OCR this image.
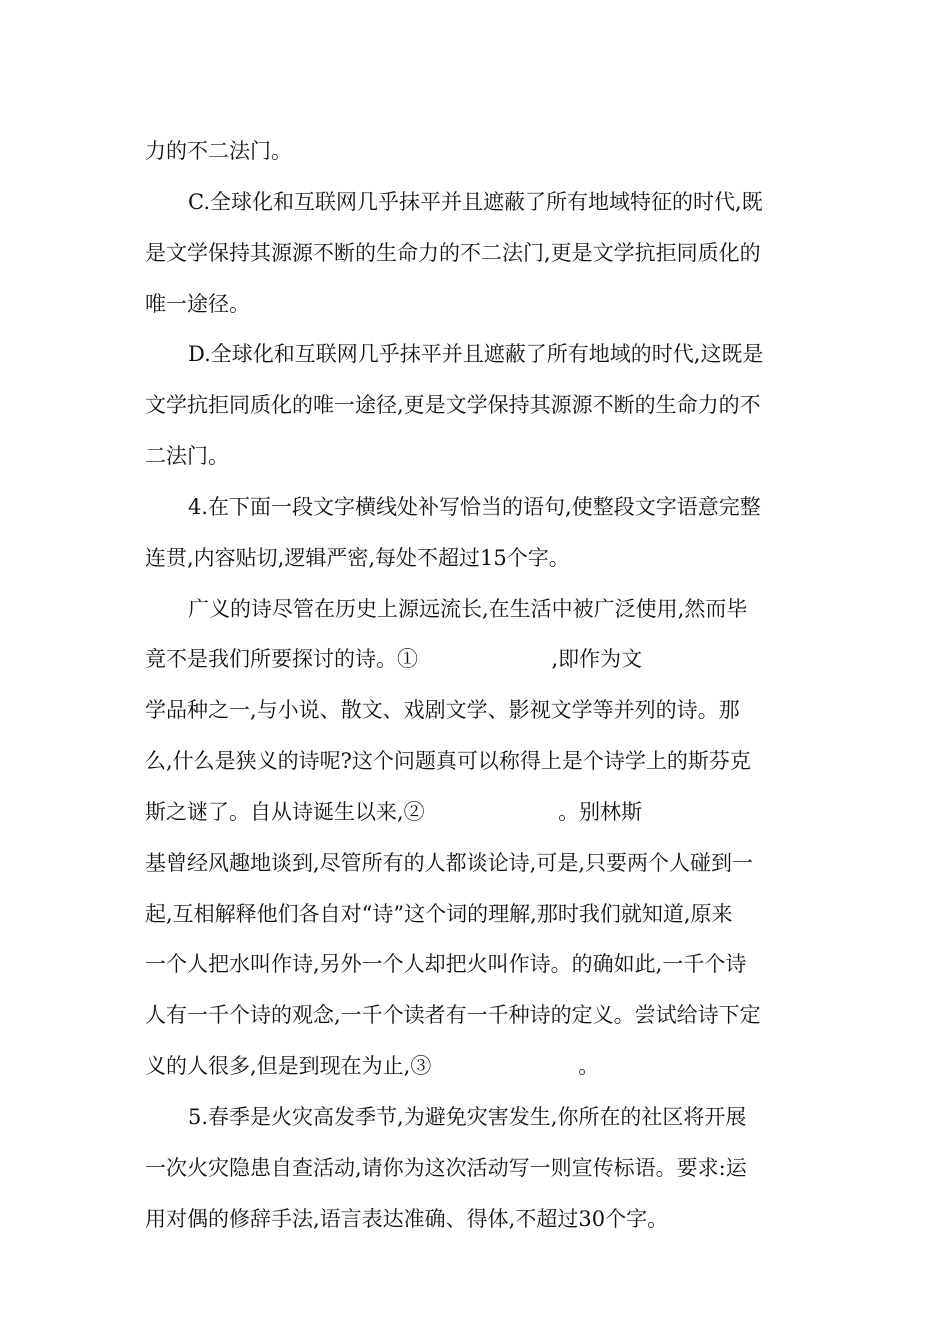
力的不二法门。
C.全球化和互联网几乎抹平并且遮蔽了所有地域特征的时代,既
是文学保持其源源不断的生命力的不二法门,更是文学抗拒同质化的
唯一途径。
D.全球化和互联网几乎抹平并且遮蔽了所有地域的时代,这既是
文学抗拒同质化的唯一途径,更是文学保持其源源不断的生命力的不
二法门。
4.在下面一段文字横线处补写恰当的语句,使整段文字语意完整
连贯,内容贴切,逻辑严密,每处不超过15个字。
广义的诗尽管在历史上源远流长,在生活中被广泛使用,然而毕
竟不是我们所要探讨的诗。①                    ,即作为文
学品种之一,与小说、散文、戏剧文学、影视文学等并列的诗。那
么,什么是狭义的诗呢?这个问题真可以称得上是个诗学上的斯芬克
斯之谜了。自从诗诞生以来,②                    。别林斯
基曾经风趣地谈到,尽管所有的人都谈论诗,可是,只要两个人碰到一
起,互相解释他们各自对“诗”这个词的理解,那时我们就知道,原来
一个人把水叫作诗,另外一个人却把火叫作诗。的确如此,一千个诗
人有一千个诗的观念,一千个读者有一千种诗的定义。尝试给诗下定
义的人很多,但是到现在为止,③                      。
5.春季是火灾高发季节,为避免灾害发生,你所在的社区将开展
一次火灾隐患自查活动,请你为这次活动写一则宣传标语。要求:运
用对偶的修辞手法,语言表达准确、得体,不超过30个字。
